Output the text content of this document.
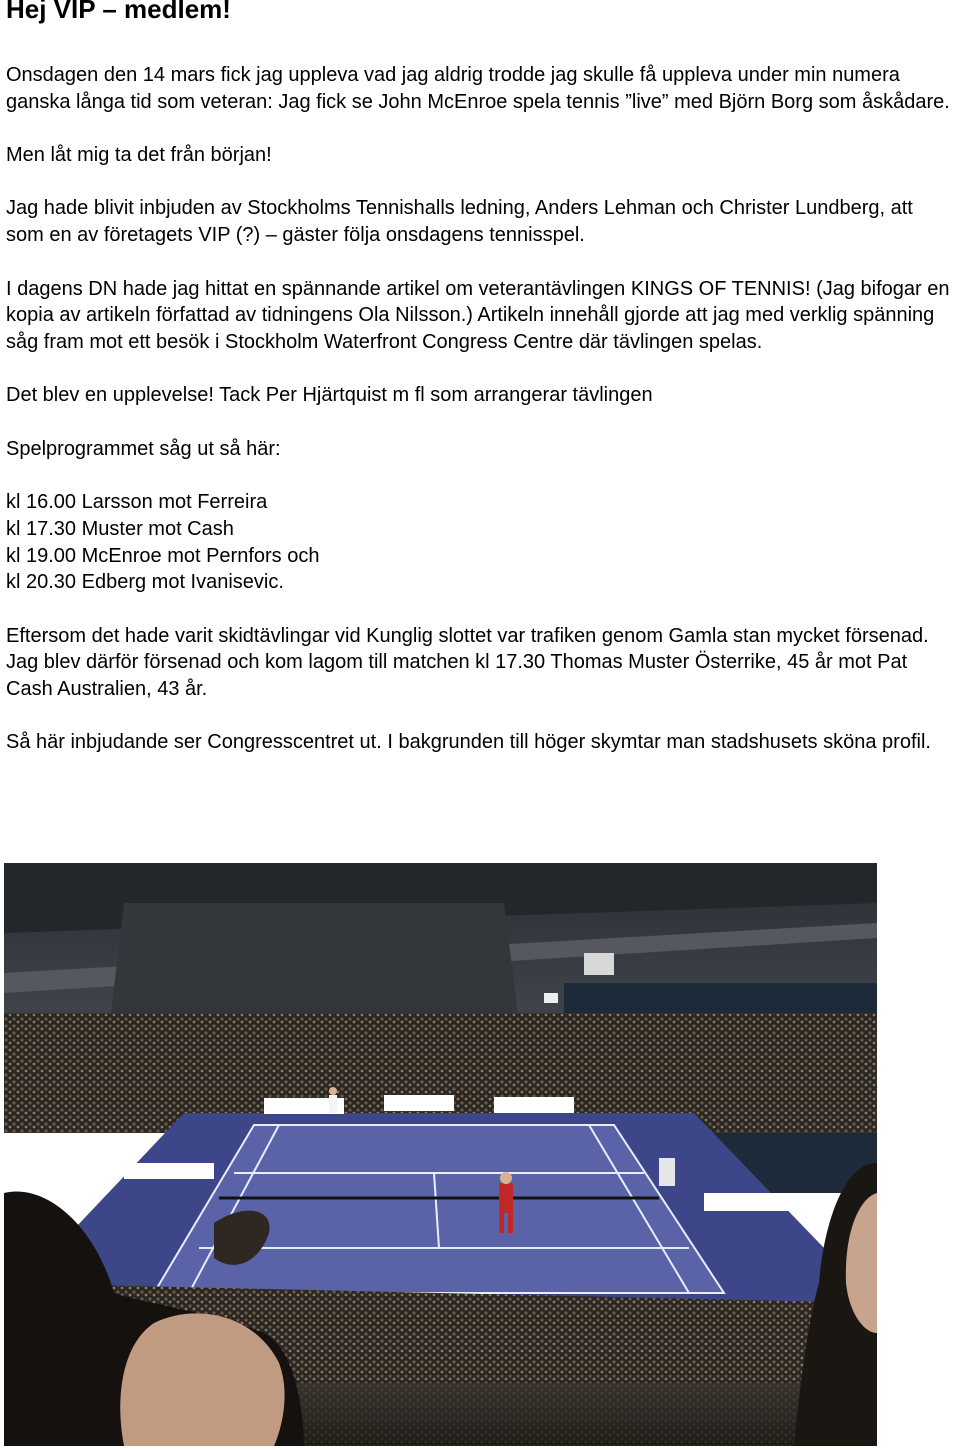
Hej VIP – medlem!

Onsdagen den 14 mars fick jag uppleva vad jag aldrig trodde jag skulle få uppleva under min numera ganska långa tid som veteran: Jag fick se John McEnroe spela tennis ”live” med Björn Borg som åskådare.

Men låt mig ta det från början!

Jag hade blivit inbjuden av Stockholms Tennishalls ledning, Anders Lehman och Christer Lundberg, att som en av företagets VIP (?) – gäster följa onsdagens tennisspel.

I dagens DN hade jag hittat en spännande artikel om veterantävlingen KINGS OF TENNIS! (Jag bifogar en kopia av artikeln författad av tidningens Ola Nilsson.) Artikeln innehåll gjorde att jag med verklig spänning såg fram mot ett besök i Stockholm Waterfront Congress Centre där tävlingen spelas.

Det blev en upplevelse! Tack Per Hjärtquist m fl som arrangerar tävlingen

Spelprogrammet såg ut så här:

kl 16.00 Larsson mot Ferreira

kl 17.30 Muster mot Cash

kl 19.00 McEnroe mot Pernfors och

kl 20.30 Edberg mot Ivanisevic.

Eftersom det hade varit skidtävlingar vid Kunglig slottet var trafiken genom Gamla stan mycket försenad. Jag blev därför försenad och kom lagom till matchen kl 17.30 Thomas Muster Österrike, 45 år mot Pat Cash Australien, 43 år.

Så här inbjudande ser Congresscentret ut. I bakgrunden till höger skymtar man stadshusets sköna profil.
